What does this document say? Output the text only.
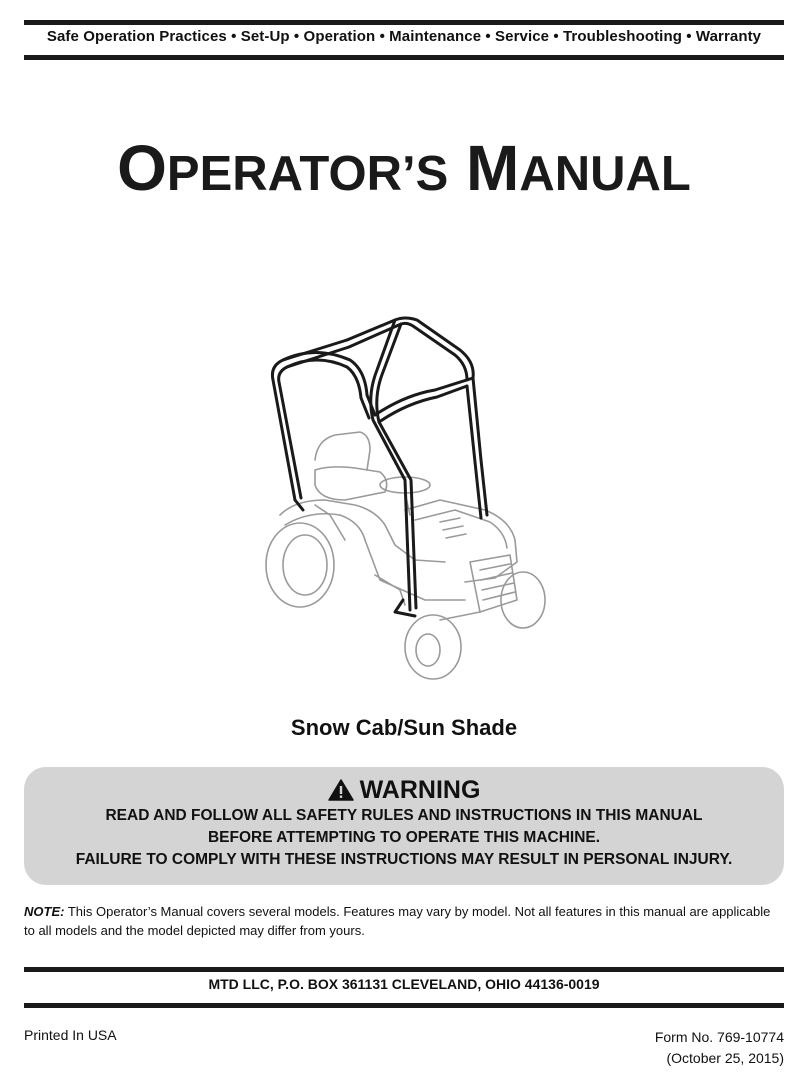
Safe Operation Practices • Set-Up • Operation • Maintenance • Service • Troubleshooting • Warranty
OPERATOR’S MANUAL
Snow Cab/Sun Shade
WARNING
READ AND FOLLOW ALL SAFETY RULES AND INSTRUCTIONS IN THIS MANUAL
BEFORE ATTEMPTING TO OPERATE THIS MACHINE.
FAILURE TO COMPLY WITH THESE INSTRUCTIONS MAY RESULT IN PERSONAL INJURY.
NOTE: This Operator’s Manual covers several models. Features may vary by model. Not all features in this manual are applicable to all models and the model depicted may differ from yours.
MTD LLC, P.O. BOX 361131 CLEVELAND, OHIO 44136-0019
Printed In USA	Form No. 769-10774
(October 25, 2015)
